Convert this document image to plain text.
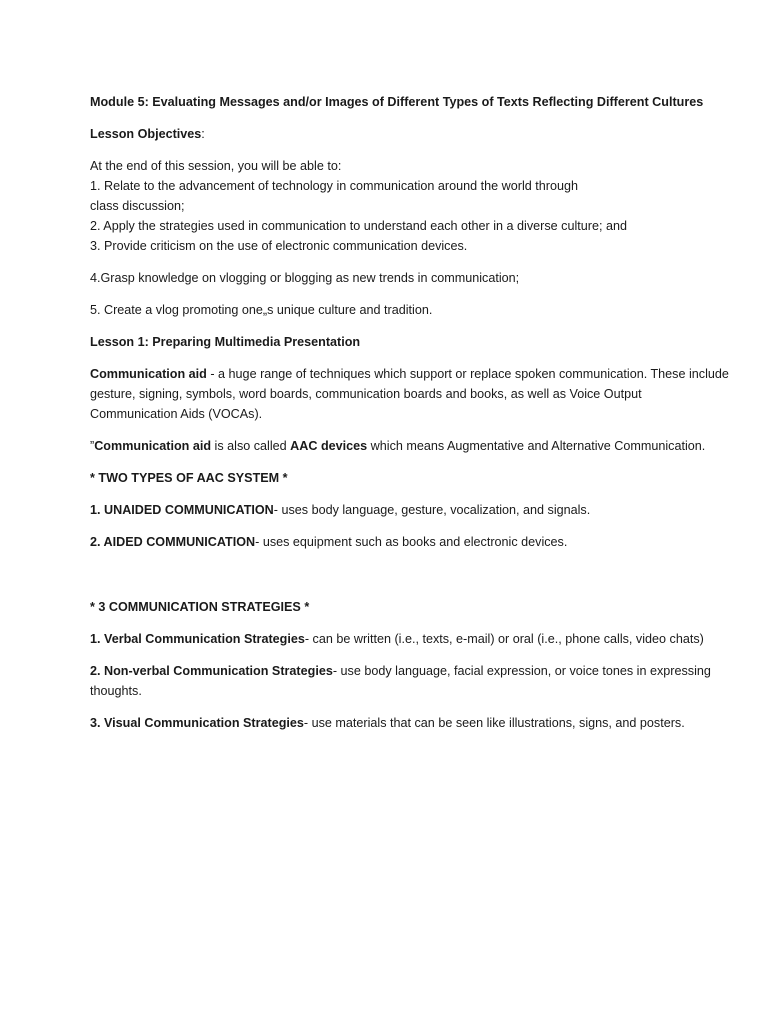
Module 5: Evaluating Messages and/or Images of Different Types of Texts Reflecting Different Cultures

Lesson Objectives:

At the end of this session, you will be able to:

1. Relate to the advancement of technology in communication around the world through

class discussion;

2. Apply the strategies used in communication to understand each other in a diverse culture; and

3. Provide criticism on the use of electronic communication devices.

4.Grasp knowledge on vlogging or blogging as new trends in communication;

5. Create a vlog promoting one„s unique culture and tradition.

Lesson 1: Preparing Multimedia Presentation

Communication aid - a huge range of techniques which support or replace spoken communication. These include gesture, signing, symbols, word boards, communication boards and books, as well as Voice Output Communication Aids (VOCAs).

”Communication aid is also called AAC devices which means Augmentative and Alternative Communication.

* TWO TYPES OF AAC SYSTEM *

1. UNAIDED COMMUNICATION- uses body language, gesture, vocalization, and signals.

2. AIDED COMMUNICATION- uses equipment such as books and electronic devices.

* 3 COMMUNICATION STRATEGIES *

1. Verbal Communication Strategies- can be written (i.e., texts, e-mail) or oral (i.e., phone calls, video chats)

2. Non-verbal Communication Strategies- use body language, facial expression, or voice tones in expressing thoughts.

3. Visual Communication Strategies- use materials that can be seen like illustrations, signs, and posters.
